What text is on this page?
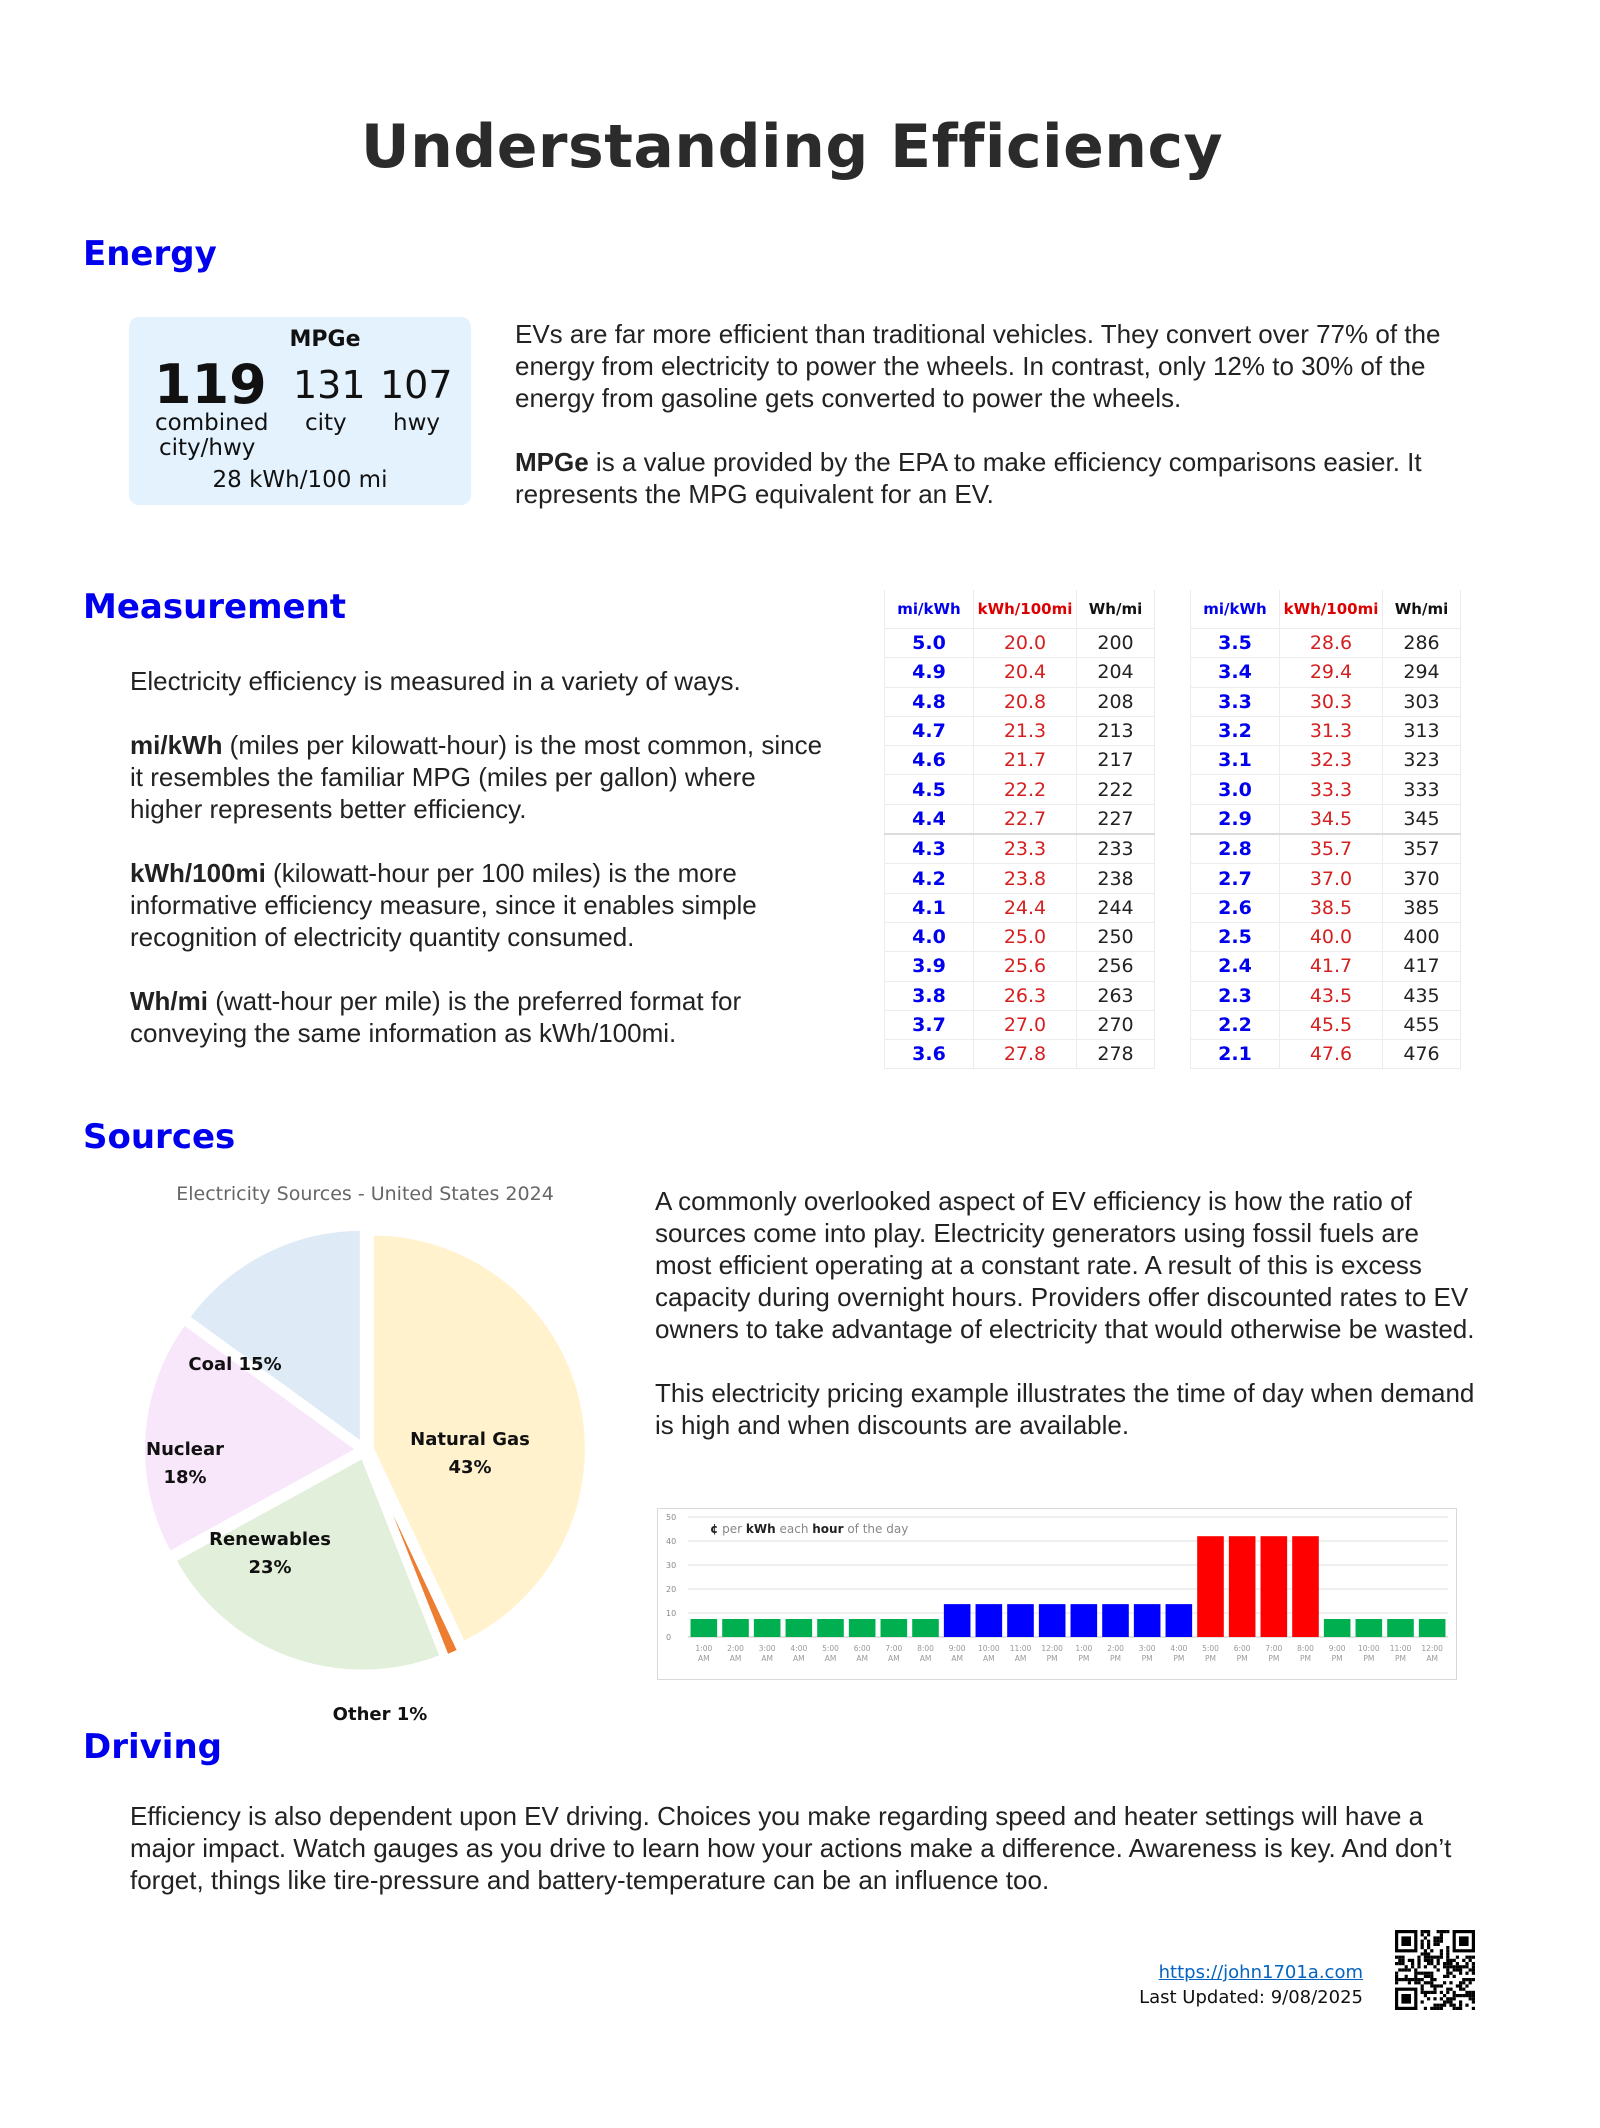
Understanding Efficiency
Energy
MPGe
119 131 107
combined
city/hwy
city hwy
28 kWh/100 mi

EVs are far more efficient than traditional vehicles. They convert over 77% of the energy from electricity to power the wheels. In contrast, only 12% to 30% of the energy from gasoline gets converted to power the wheels.

MPGe is a value provided by the EPA to make efficiency comparisons easier. It represents the MPG equivalent for an EV.

Measurement

Electricity efficiency is measured in a variety of ways.

mi/kWh (miles per kilowatt-hour) is the most common, since it resembles the familiar MPG (miles per gallon) where higher represents better efficiency.

kWh/100mi (kilowatt-hour per 100 miles) is the more informative efficiency measure, since it enables simple recognition of electricity quantity consumed.

Wh/mi (watt-hour per mile) is the preferred format for conveying the same information as kWh/100mi.

mi/kWh	kWh/100mi	Wh/mi
5.0	20.0	200
4.9	20.4	204
4.8	20.8	208
4.7	21.3	213
4.6	21.7	217
4.5	22.2	222
4.4	22.7	227
4.3	23.3	233
4.2	23.8	238
4.1	24.4	244
4.0	25.0	250
3.9	25.6	256
3.8	26.3	263
3.7	27.0	270
3.6	27.8	278
mi/kWh	kWh/100mi	Wh/mi
3.5	28.6	286
3.4	29.4	294
3.3	30.3	303
3.2	31.3	313
3.1	32.3	323
3.0	33.3	333
2.9	34.5	345
2.8	35.7	357
2.7	37.0	370
2.6	38.5	385
2.5	40.0	400
2.4	41.7	417
2.3	43.5	435
2.2	45.5	455
2.1	47.6	476
Sources
Electricity Sources - United States 2024
Natural Gas 43%
Other 1%
Renewables 23%
Nuclear 18%
Coal 15%

A commonly overlooked aspect of EV efficiency is how the ratio of sources come into play. Electricity generators using fossil fuels are most efficient operating at a constant rate. A result of this is excess capacity during overnight hours. Providers offer discounted rates to EV owners to take advantage of electricity that would otherwise be wasted.

This electricity pricing example illustrates the time of day when demand is high and when discounts are available.

0
10
20
30
40
50
¢ per kWh each hour of the day
1:00 AM
2:00 AM
3:00 AM
4:00 AM
5:00 AM
6:00 AM
7:00 AM
8:00 AM
9:00 AM
10:00 AM
11:00 AM
12:00 PM
1:00 PM
2:00 PM
3:00 PM
4:00 PM
5:00 PM
6:00 PM
7:00 PM
8:00 PM
9:00 PM
10:00 PM
11:00 PM
12:00 AM
Driving

Efficiency is also dependent upon EV driving. Choices you make regarding speed and heater settings will have a major impact. Watch gauges as you drive to learn how your actions make a difference. Awareness is key. And don’t forget, things like tire-pressure and battery-temperature can be an influence too.

https://john1701a.com
Last Updated: 9/08/2025
